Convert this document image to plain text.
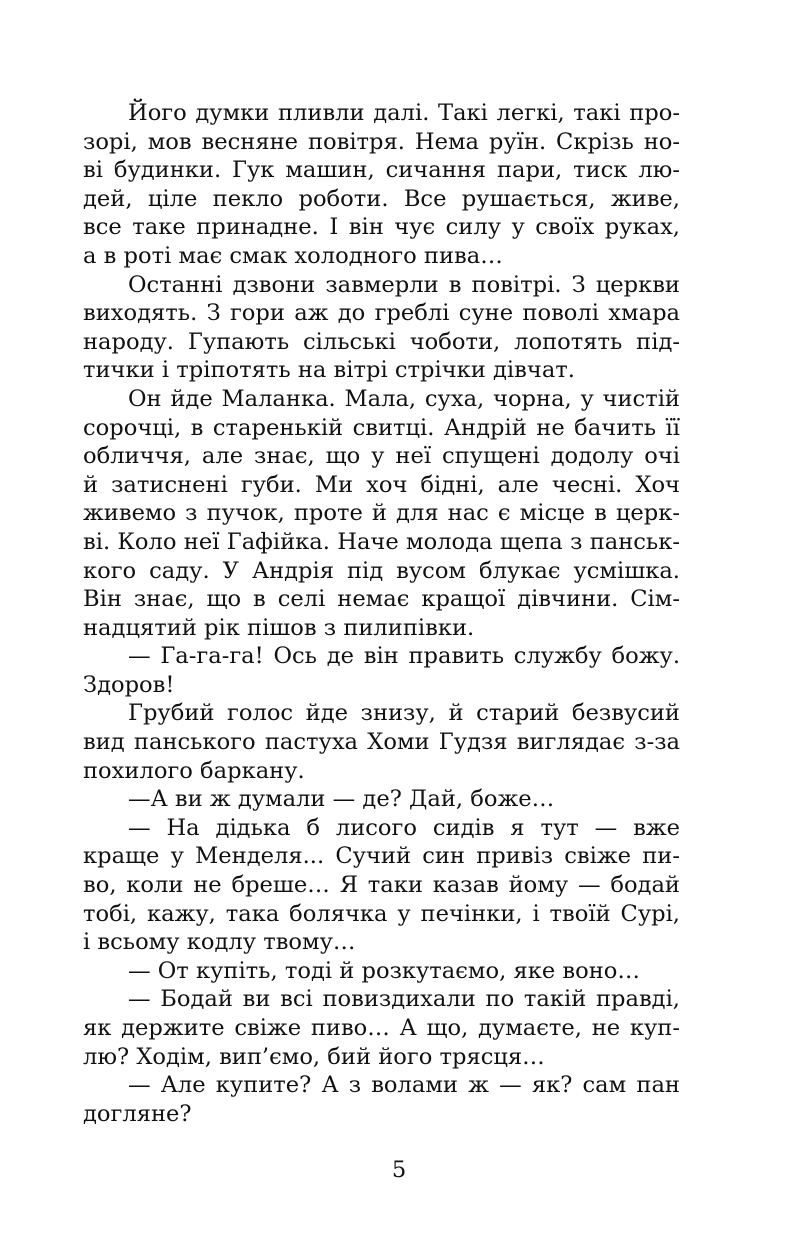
Його думки пливли далі. Такі легкі, такі про-
зорі, мов весняне повітря. Нема руїн. Скрізь но-
ві будинки. Гук машин, сичання пари, тиск лю-
дей, ціле пекло роботи. Все рушається, живе,
все таке принадне. І він чує силу у своїх руках,
а в роті має смак холодного пива…
Останні дзвони завмерли в повітрі. З церкви
виходять. З гори аж до греблі суне поволі хмара
народу. Гупають сільські чоботи, лопотять під-
тички і тріпотять на вітрі стрічки дівчат.
Он йде Маланка. Мала, суха, чорна, у чистій
сорочці, в старенькій свитці. Андрій не бачить її
обличчя, але знає, що у неї спущені додолу очі
й затиснені губи. Ми хоч бідні, але чесні. Хоч
живемо з пучок, проте й для нас є місце в церк-
ві. Коло неї Гафійка. Наче молода щепа з панськ-
кого саду. У Андрія під вусом блукає усмішка.
Він знає, що в селі немає кращої дівчини. Сім-
надцятий рік пішов з пилипівки.
— Га-га-га! Ось де він править службу божу.
Здоров!
Грубий голос йде знизу, й старий безвусий
вид панського пастуха Хоми Гудзя виглядає з-за
похилого баркану.
—А ви ж думали — де? Дай, боже…
— На дідька б лисого сидів я тут — вже
краще у Менделя... Сучий син привіз свіже пи-
во, коли не бреше… Я таки казав йому — бодай
тобі, кажу, така болячка у печінки, і твоїй Сурі,
і всьому кодлу твому…
— От купіть, тоді й розкутаємо, яке воно…
— Бодай ви всі повиздихали по такій правді,
як держите свіже пиво… А що, думаєте, не куп-
лю? Ходім, вип’ємо, бий його трясця…
— Але купите? А з волами ж — як? сам пан
догляне?
5
